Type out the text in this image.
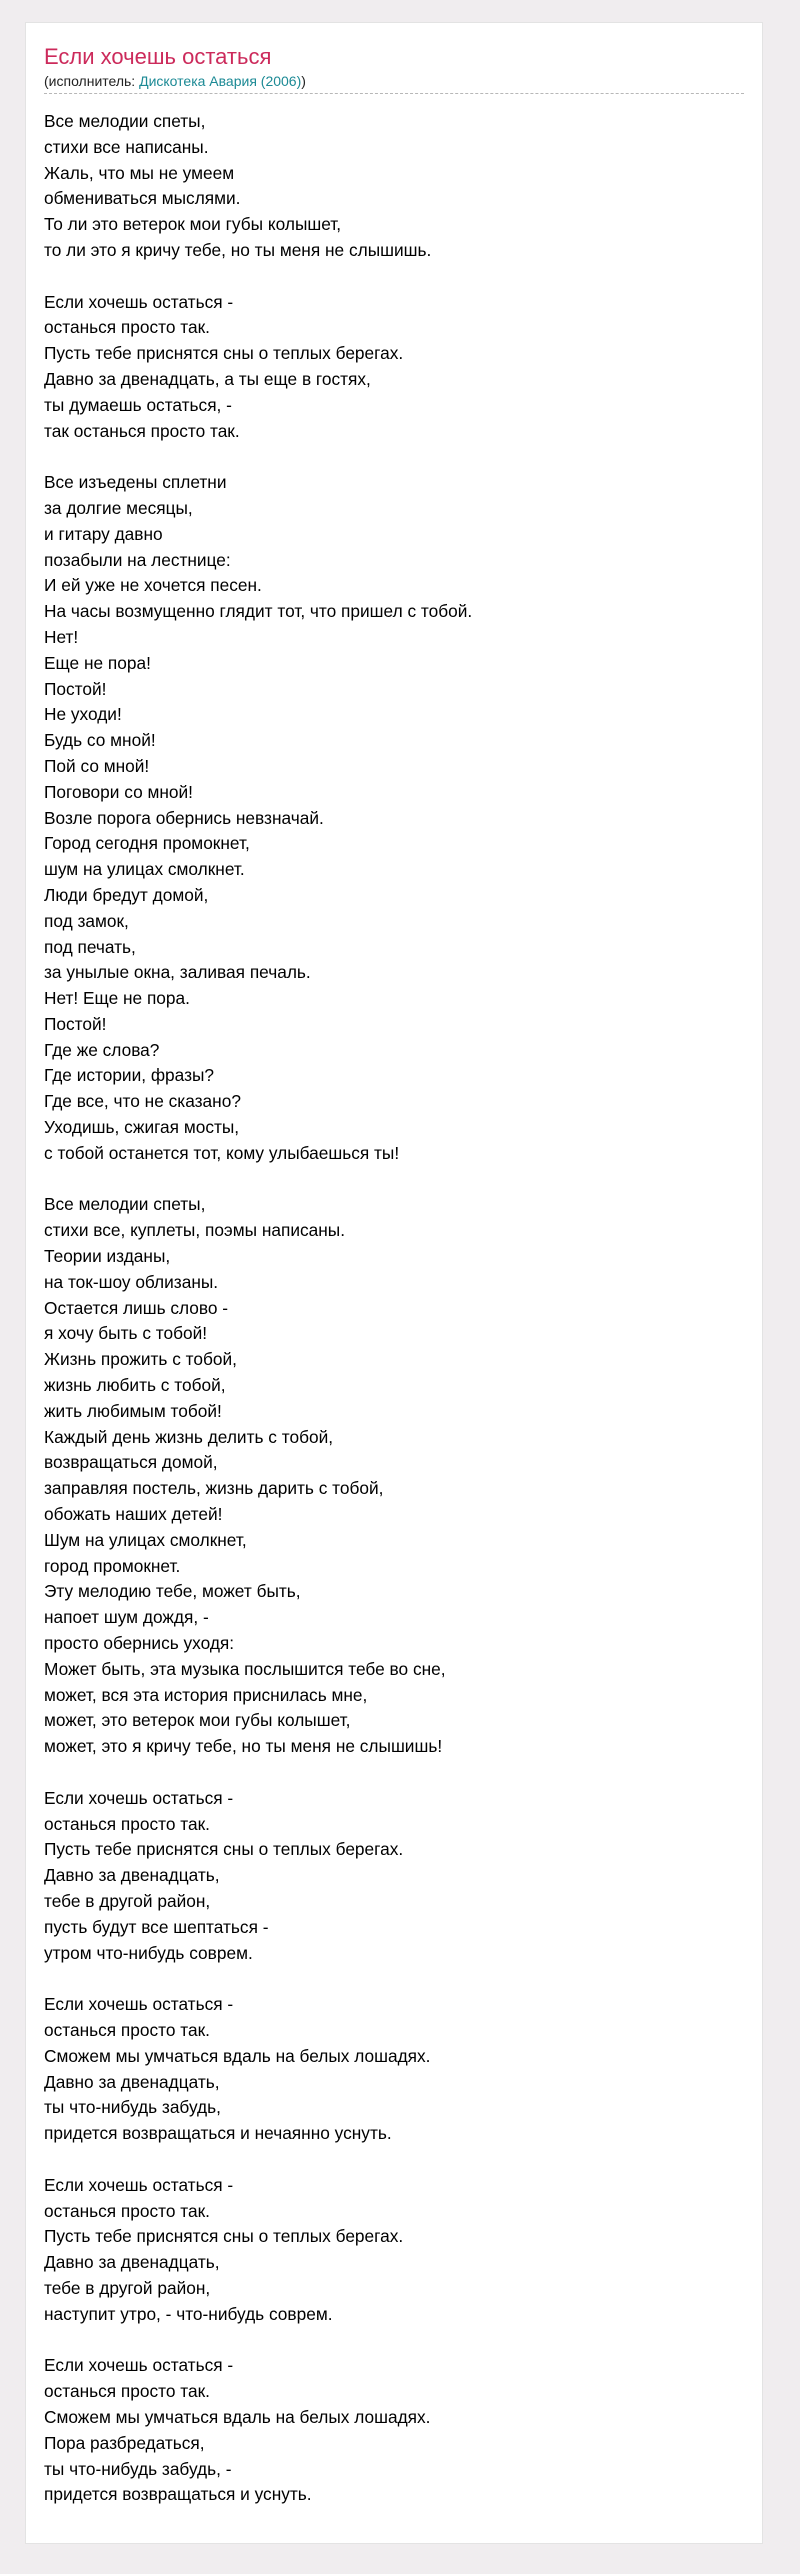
Если хочешь остаться
(исполнитель: Дискотека Авария (2006))
Все мелодии спеты,
стихи все написаны.
Жаль, что мы не умеем
обмениваться мыслями.
То ли это ветерок мои губы колышет,
то ли это я кричу тебе, но ты меня не слышишь.
Если хочешь остаться -
останься просто так.
Пусть тебе приснятся сны о теплых берегах.
Давно за двенадцать, а ты еще в гостях,
ты думаешь остаться, -
так останься просто так.
Все изъедены сплетни
за долгие месяцы,
и гитару давно
позабыли на лестнице:
И ей уже не хочется песен.
На часы возмущенно глядит тот, что пришел с тобой.
Нет!
Еще не пора!
Постой!
Не уходи!
Будь со мной!
Пой со мной!
Поговори со мной!
Возле порога обернись невзначай.
Город сегодня промокнет,
шум на улицах смолкнет.
Люди бредут домой,
под замок,
под печать,
за унылые окна, заливая печаль.
Нет! Еще не пора.
Постой!
Где же слова?
Где истории, фразы?
Где все, что не сказано?
Уходишь, сжигая мосты,
с тобой останется тот, кому улыбаешься ты!
Все мелодии спеты,
стихи все, куплеты, поэмы написаны.
Теории изданы,
на ток-шоу облизаны.
Остается лишь слово -
я хочу быть с тобой!
Жизнь прожить с тобой,
жизнь любить с тобой,
жить любимым тобой!
Каждый день жизнь делить с тобой,
возвращаться домой,
заправляя постель, жизнь дарить с тобой,
обожать наших детей!
Шум на улицах смолкнет,
город промокнет.
Эту мелодию тебе, может быть,
напоет шум дождя, -
просто обернись уходя:
Может быть, эта музыка послышится тебе во сне,
может, вся эта история приснилась мне,
может, это ветерок мои губы колышет,
может, это я кричу тебе, но ты меня не слышишь!
Если хочешь остаться -
останься просто так.
Пусть тебе приснятся сны о теплых берегах.
Давно за двенадцать,
тебе в другой район,
пусть будут все шептаться -
утром что-нибудь соврем.
Если хочешь остаться -
останься просто так.
Сможем мы умчаться вдаль на белых лошадях.
Давно за двенадцать,
ты что-нибудь забудь,
придется возвращаться и нечаянно уснуть.
Если хочешь остаться -
останься просто так.
Пусть тебе приснятся сны о теплых берегах.
Давно за двенадцать,
тебе в другой район,
наступит утро, - что-нибудь соврем.
Если хочешь остаться -
останься просто так.
Сможем мы умчаться вдаль на белых лошадях.
Пора разбредаться,
ты что-нибудь забудь, -
придется возвращаться и уснуть.
